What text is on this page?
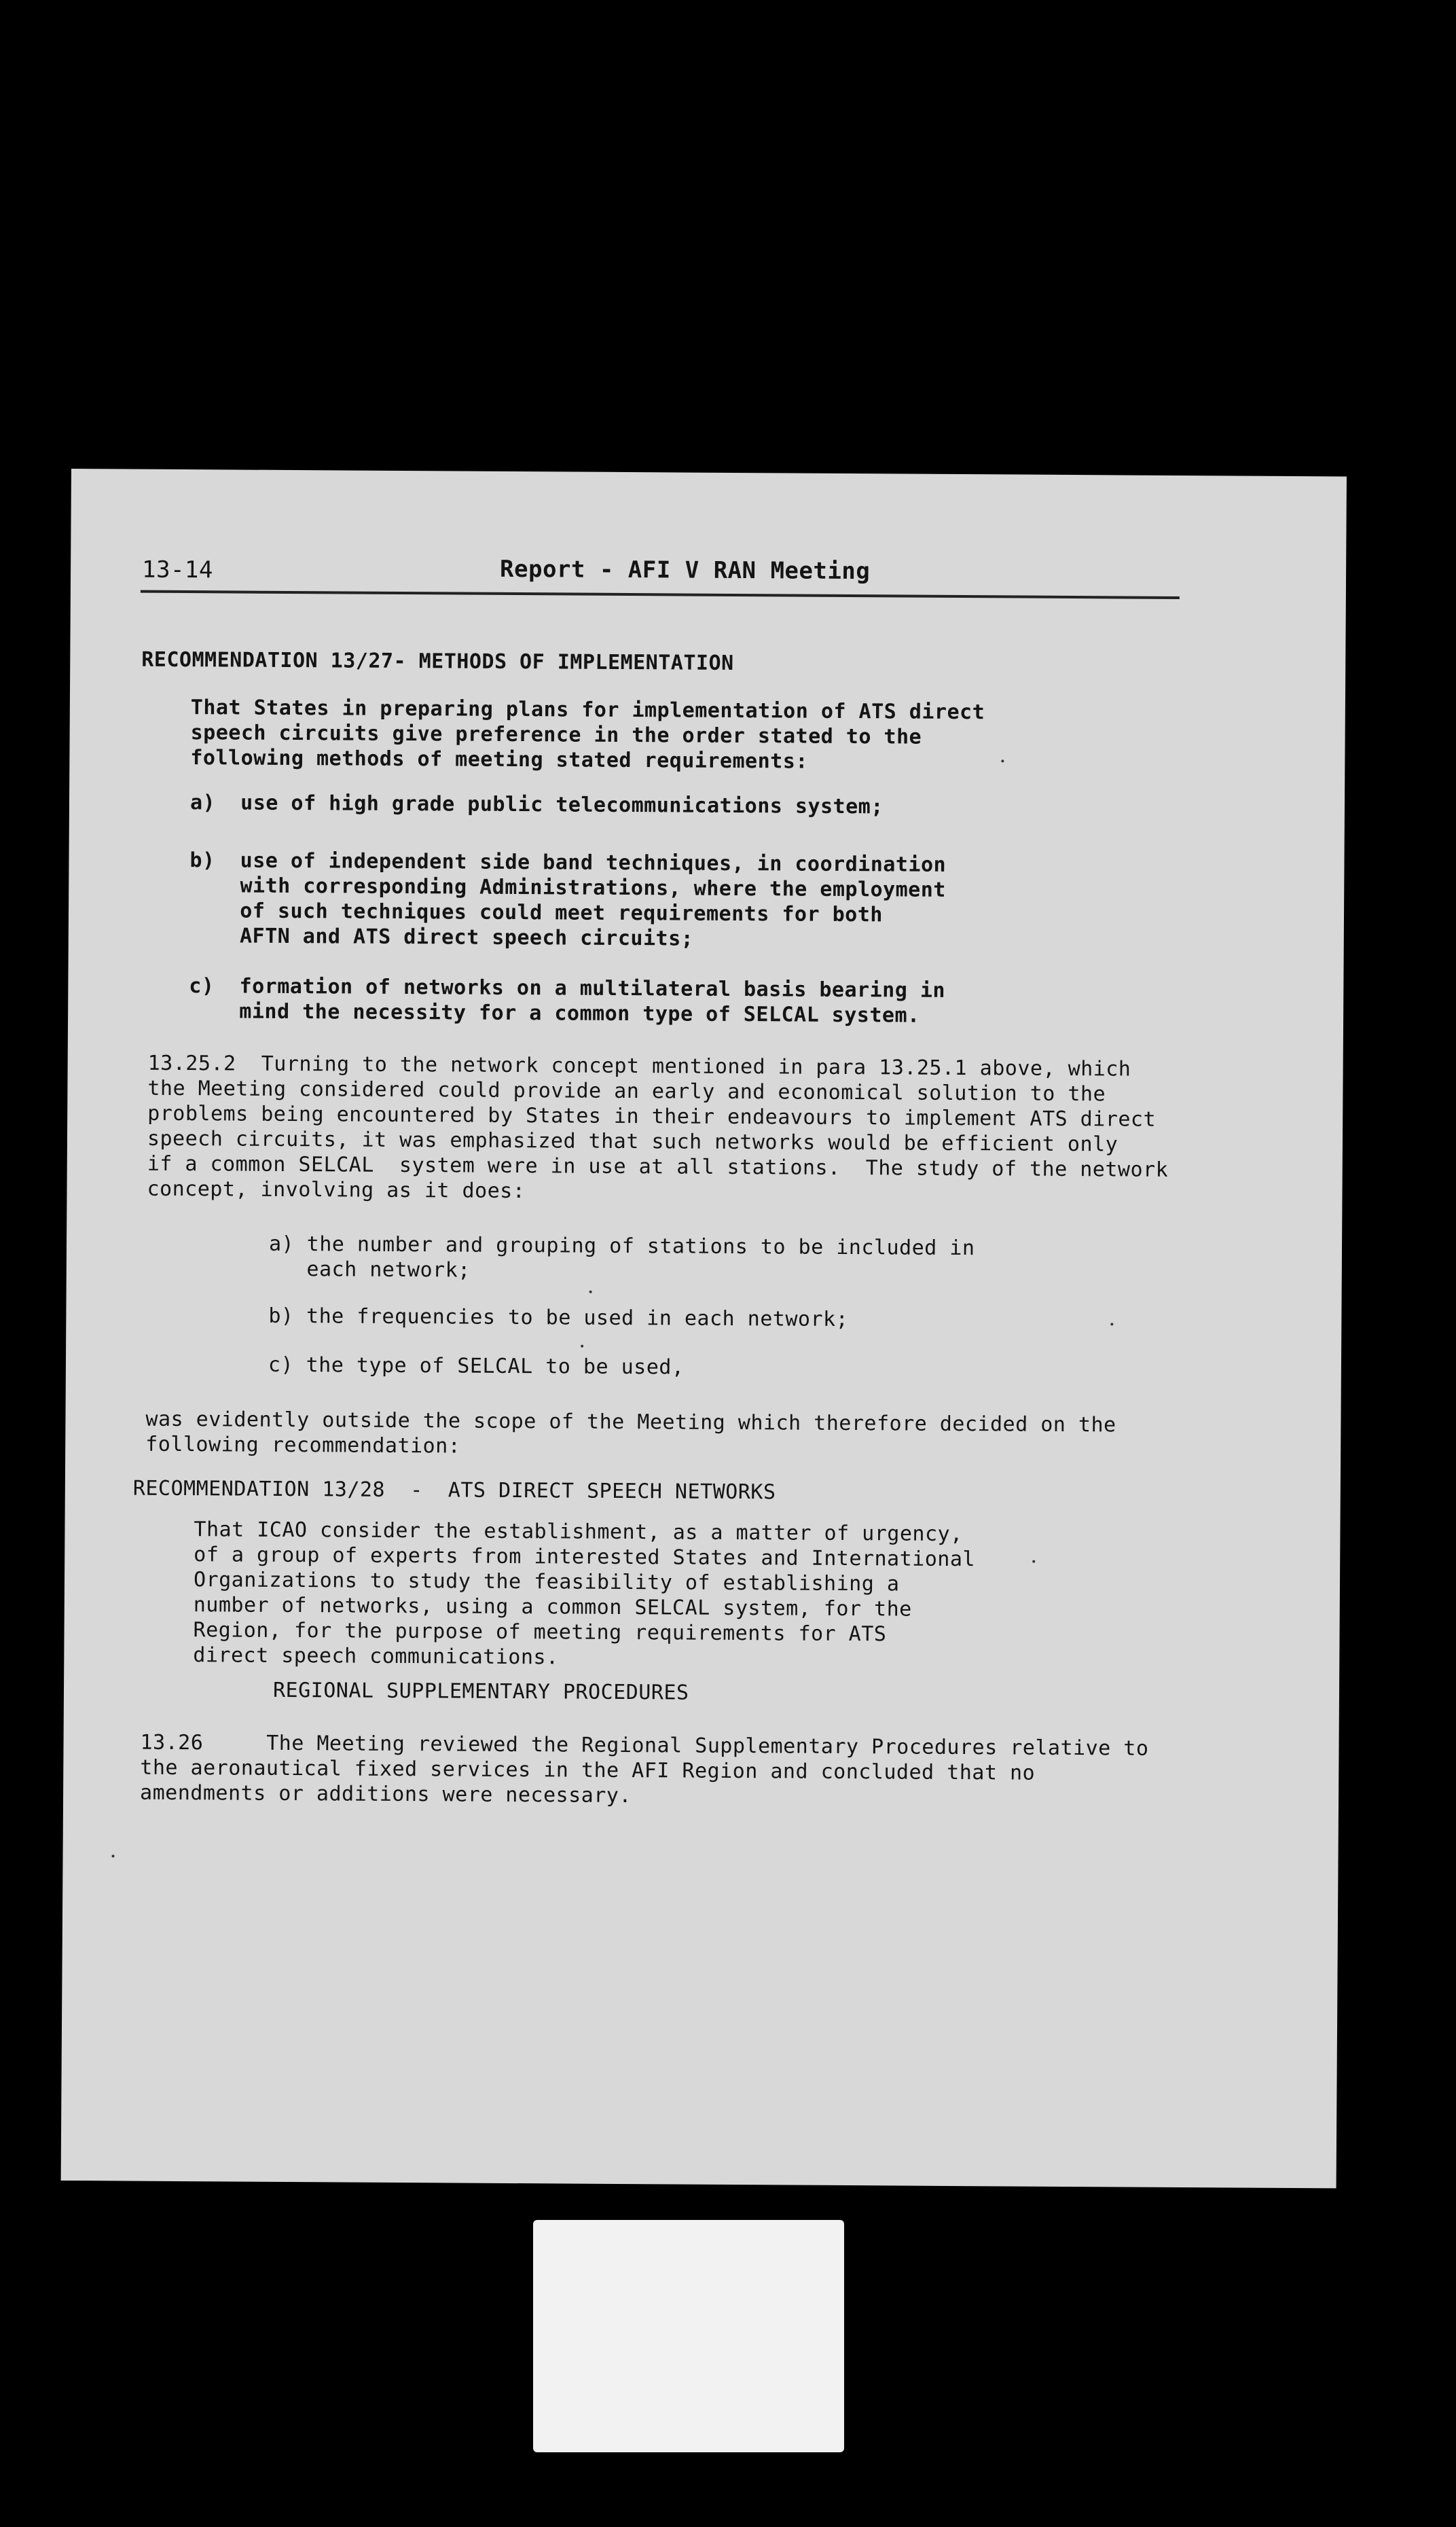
13-14	Report - AFI V RAN Meeting
RECOMMENDATION 13/27- METHODS OF IMPLEMENTATION
That States in preparing plans for implementation of ATS direct
speech circuits give preference in the order stated to the
following methods of meeting stated requirements:
a)  use of high grade public telecommunications system;
b)  use of independent side band techniques, in coordination
with corresponding Administrations, where the employment
of such techniques could meet requirements for both
AFTN and ATS direct speech circuits;
c)  formation of networks on a multilateral basis bearing in
mind the necessity for a common type of SELCAL system.
13.25.2  Turning to the network concept mentioned in para 13.25.1 above, which
the Meeting considered could provide an early and economical solution to the
problems being encountered by States in their endeavours to implement ATS direct
speech circuits, it was emphasized that such networks would be efficient only
if a common SELCAL  system were in use at all stations.  The study of the network
concept, involving as it does:
a) the number and grouping of stations to be included in
each network;
b) the frequencies to be used in each network;
c) the type of SELCAL to be used,
was evidently outside the scope of the Meeting which therefore decided on the
following recommendation:
RECOMMENDATION 13/28  -  ATS DIRECT SPEECH NETWORKS
That ICAO consider the establishment, as a matter of urgency,
of a group of experts from interested States and International
Organizations to study the feasibility of establishing a
number of networks, using a common SELCAL system, for the
Region, for the purpose of meeting requirements for ATS
direct speech communications.
REGIONAL SUPPLEMENTARY PROCEDURES
13.26     The Meeting reviewed the Regional Supplementary Procedures relative to
the aeronautical fixed services in the AFI Region and concluded that no
amendments or additions were necessary.
